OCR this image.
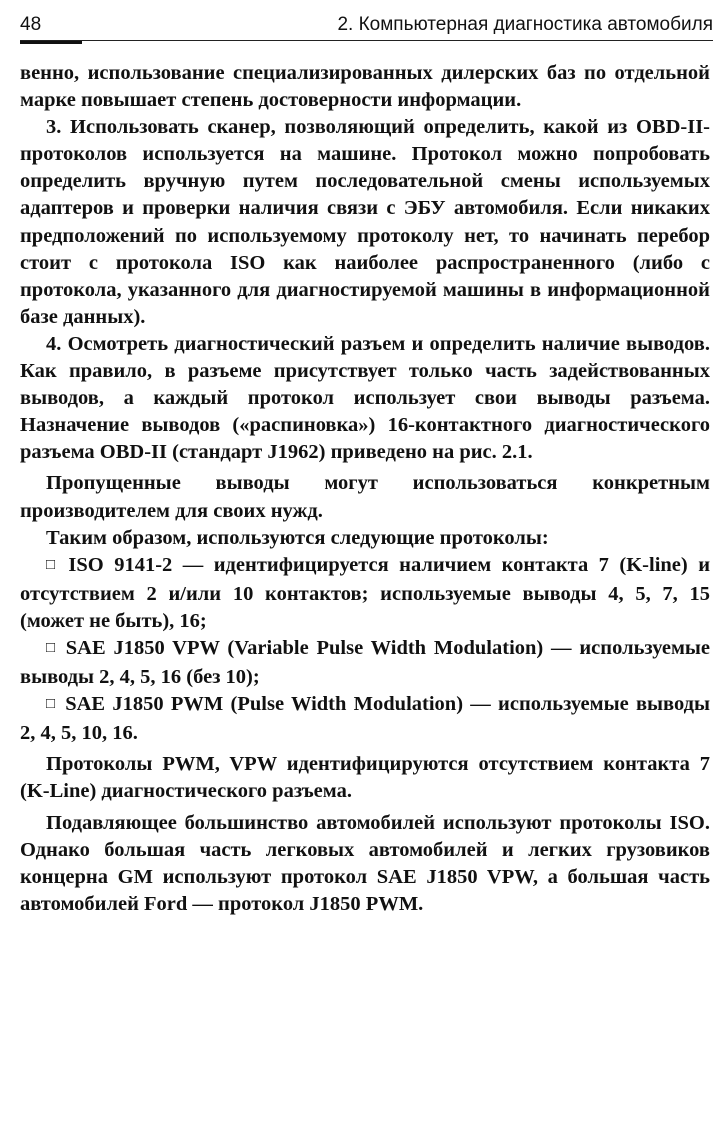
48	2. Компьютерная диагностика автомобиля

венно, использование специализированных дилерских баз по отдельной марке повышает степень достоверности информации.

3. Использовать сканер, позволяющий определить, какой из OBD-II-протоколов используется на машине. Протокол можно попробовать определить вручную путем последовательной смены используемых адаптеров и проверки наличия связи с ЭБУ автомобиля. Если никаких предположений по используемому протоколу нет, то начинать перебор стоит с протокола ISO как наиболее распространенного (либо с протокола, указанного для диагностируемой машины в информационной базе данных).

4. Осмотреть диагностический разъем и определить наличие выводов. Как правило, в разъеме присутствует только часть задействованных выводов, а каждый протокол использует свои выводы разъема. Назначение выводов («распиновка») 16-контактного диагностического разъема OBD-II (стандарт J1962) приведено на рис. 2.1.

Пропущенные выводы могут использоваться конкретным производителем для своих нужд.

Таким образом, используются следующие протоколы:

□ ISO 9141-2 — идентифицируется наличием контакта 7 (K-line) и отсутствием 2 и/или 10 контактов; используемые выводы 4, 5, 7, 15 (может не быть), 16;

□ SAE J1850 VPW (Variable Pulse Width Modulation) — используемые выводы 2, 4, 5, 16 (без 10);

□ SAE J1850 PWM (Pulse Width Modulation) — используемые выводы 2, 4, 5, 10, 16.

Протоколы PWM, VPW идентифицируются отсутствием контакта 7 (K-Line) диагностического разъема.

Подавляющее большинство автомобилей используют протоколы ISO. Однако большая часть легковых автомобилей и легких грузовиков концерна GM используют протокол SAE J1850 VPW, а большая часть автомобилей Ford — протокол J1850 PWM.
